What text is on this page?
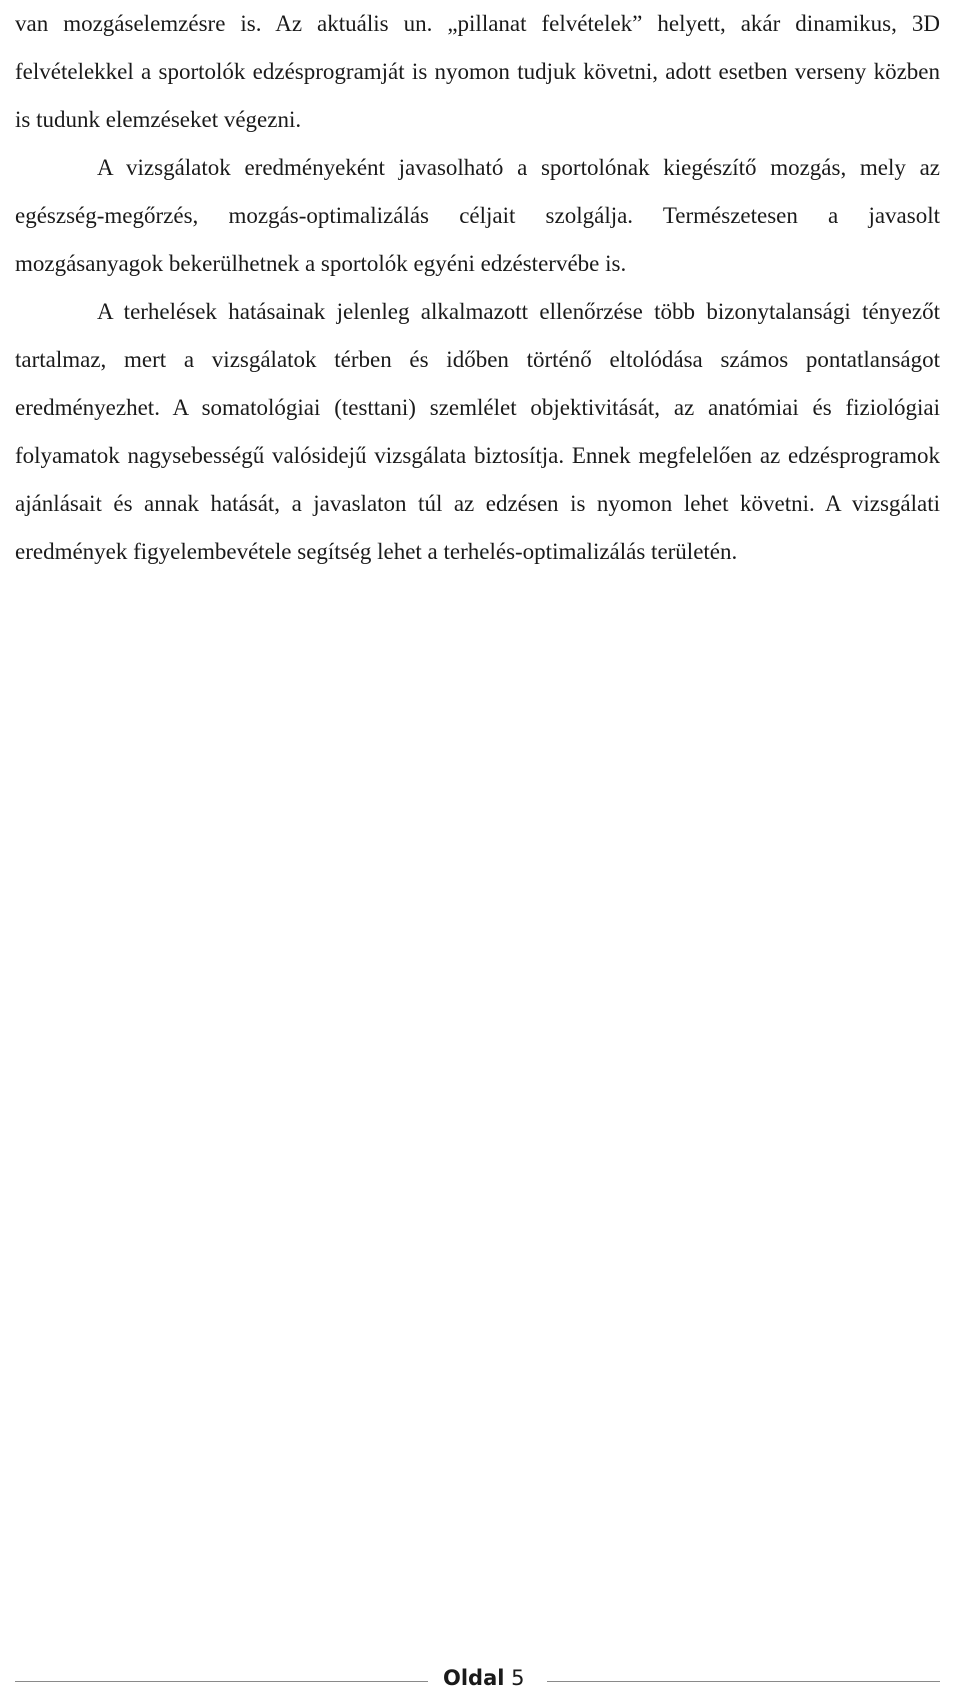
van mozgáselemzésre is. Az aktuális un. „pillanat felvételek” helyett, akár dinamikus, 3D felvételekkel a sportolók edzésprogramját is nyomon tudjuk követni, adott esetben verseny közben is tudunk elemzéseket végezni.

A vizsgálatok eredményeként javasolható a sportolónak kiegészítő mozgás, mely az egészség-megőrzés, mozgás-optimalizálás céljait szolgálja. Természetesen a javasolt mozgásanyagok bekerülhetnek a sportolók egyéni edzéstervébe is.

A terhelések hatásainak jelenleg alkalmazott ellenőrzése több bizonytalansági tényezőt tartalmaz, mert a vizsgálatok térben és időben történő eltolódása számos pontatlanságot eredményezhet. A somatológiai (testtani) szemlélet objektivitását, az anatómiai és fiziológiai folyamatok nagysebességű valósidejű vizsgálata biztosítja. Ennek megfelelően az edzésprogramok ajánlásait és annak hatását, a javaslaton túl az edzésen is nyomon lehet követni. A vizsgálati eredmények figyelembevétele segítség lehet a terhelés-optimalizálás területén.

Oldal 5
